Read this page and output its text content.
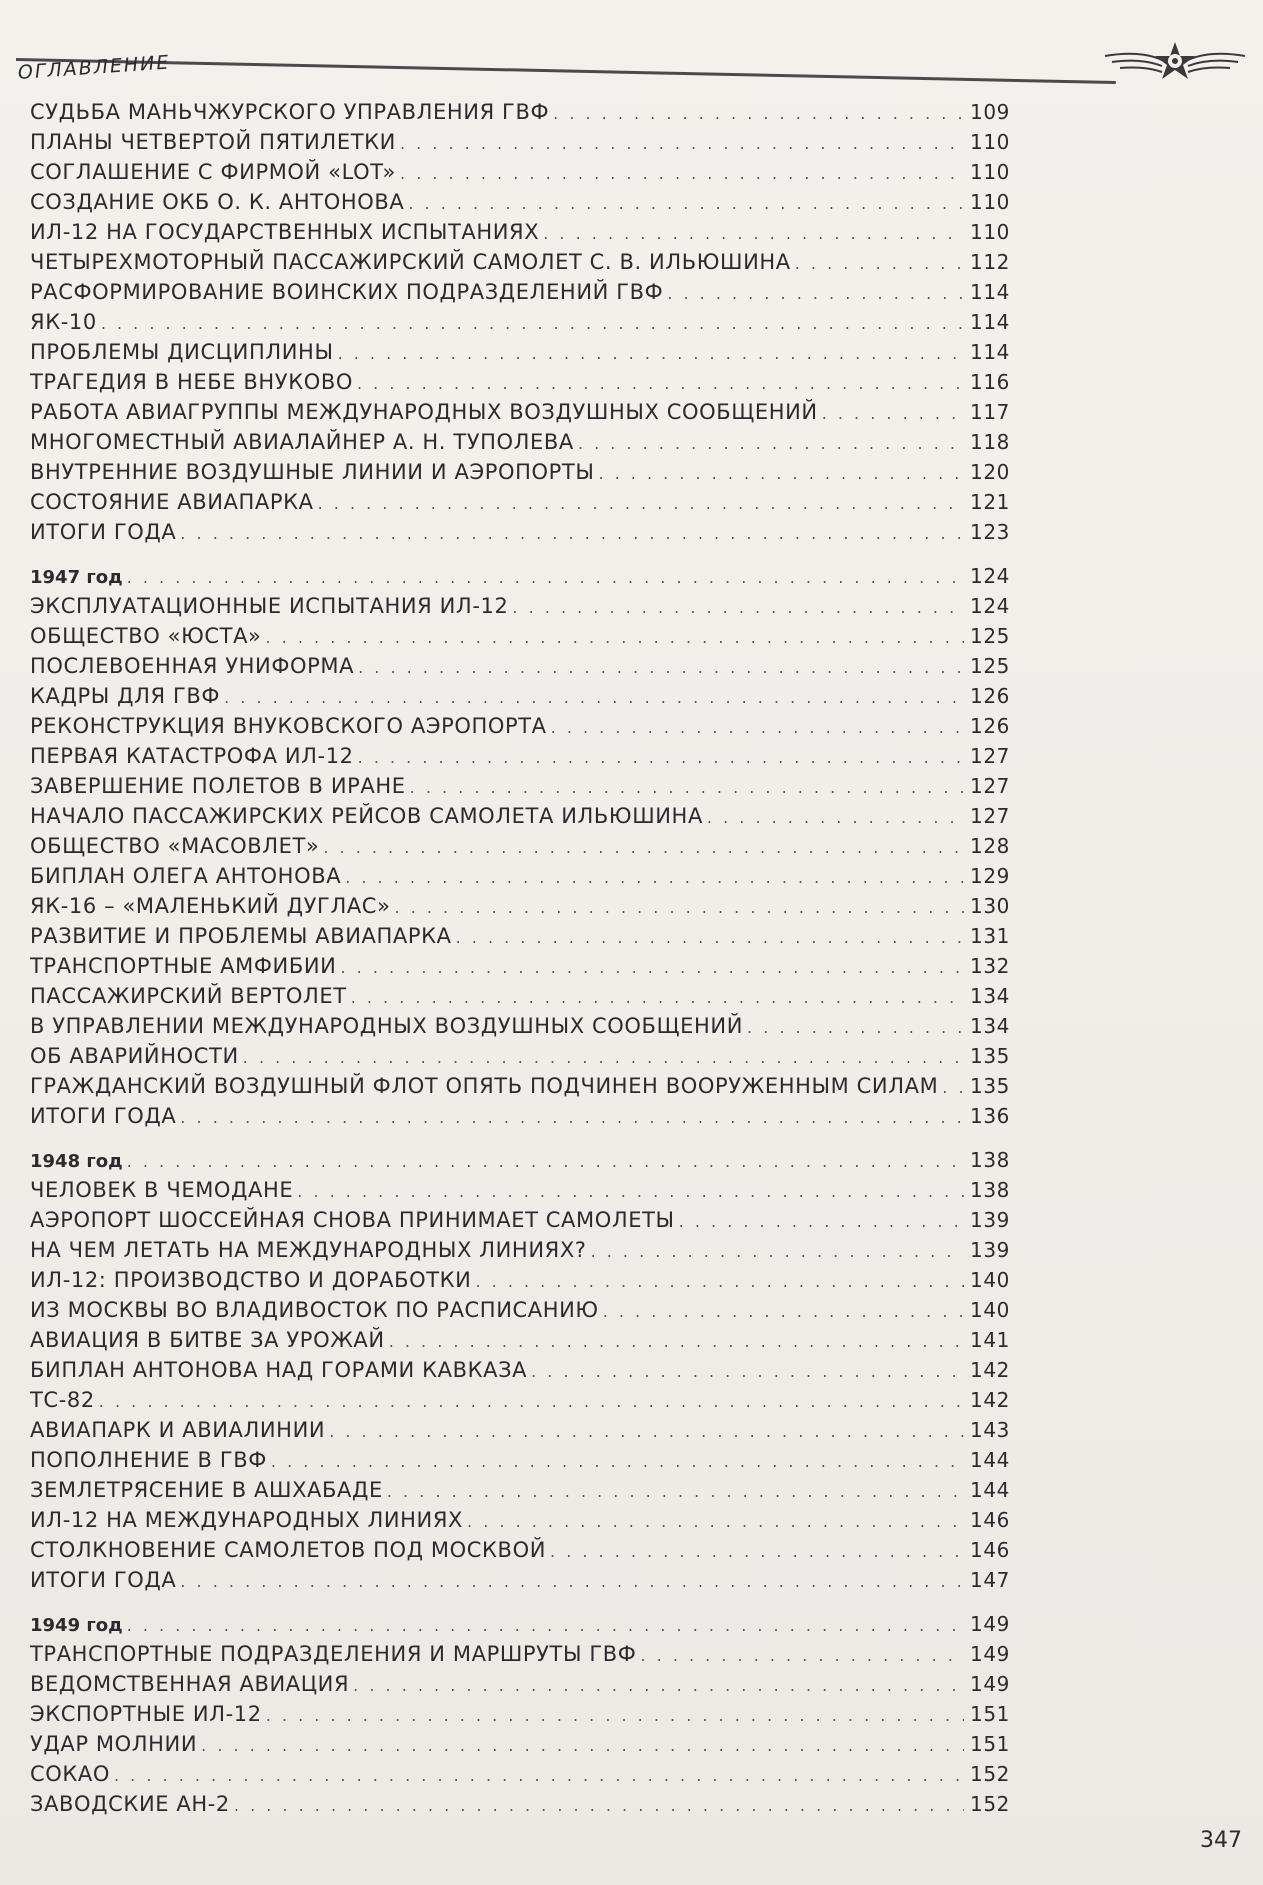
ОГЛАВЛЕНИЕ
СУДЬБА МАНЬЧЖУРСКОГО УПРАВЛЕНИЯ ГВФ . . .	109
ПЛАНЫ ЧЕТВЕРТОЙ ПЯТИЛЕТКИ . . .	110
СОГЛАШЕНИЕ С ФИРМОЙ «LOT» . . .	110
СОЗДАНИЕ ОКБ О. К. АНТОНОВА . . .	110
ИЛ-12 НА ГОСУДАРСТВЕННЫХ ИСПЫТАНИЯХ . . .	110
ЧЕТЫРЕХМОТОРНЫЙ ПАССАЖИРСКИЙ САМОЛЕТ С. В. ИЛЬЮШИНА . . .	112
РАСФОРМИРОВАНИЕ ВОИНСКИХ ПОДРАЗДЕЛЕНИЙ ГВФ . . .	114
ЯК-10 . . .	114
ПРОБЛЕМЫ ДИСЦИПЛИНЫ . . .	114
ТРАГЕДИЯ В НЕБЕ ВНУКОВО . . .	116
РАБОТА АВИАГРУППЫ МЕЖДУНАРОДНЫХ ВОЗДУШНЫХ СООБЩЕНИЙ . . .	117
МНОГОМЕСТНЫЙ АВИАЛАЙНЕР А. Н. ТУПОЛЕВА . . .	118
ВНУТРЕННИЕ ВОЗДУШНЫЕ ЛИНИИ И АЭРОПОРТЫ . . .	120
СОСТОЯНИЕ АВИАПАРКА . . .	121
ИТОГИ ГОДА . . .	123
1947 год . . .	124
ЭКСПЛУАТАЦИОННЫЕ ИСПЫТАНИЯ ИЛ-12 . . .	124
ОБЩЕСТВО «ЮСТА» . . .	125
ПОСЛЕВОЕННАЯ УНИФОРМА . . .	125
КАДРЫ ДЛЯ ГВФ . . .	126
РЕКОНСТРУКЦИЯ ВНУКОВСКОГО АЭРОПОРТА . . .	126
ПЕРВАЯ КАТАСТРОФА ИЛ-12 . . .	127
ЗАВЕРШЕНИЕ ПОЛЕТОВ В ИРАНЕ . . .	127
НАЧАЛО ПАССАЖИРСКИХ РЕЙСОВ САМОЛЕТА ИЛЬЮШИНА . . .	127
ОБЩЕСТВО «МАСОВЛЕТ» . . .	128
БИПЛАН ОЛЕГА АНТОНОВА . . .	129
ЯК-16 – «МАЛЕНЬКИЙ ДУГЛАС» . . .	130
РАЗВИТИЕ И ПРОБЛЕМЫ АВИАПАРКА . . .	131
ТРАНСПОРТНЫЕ АМФИБИИ . . .	132
ПАССАЖИРСКИЙ ВЕРТОЛЕТ . . .	134
В УПРАВЛЕНИИ МЕЖДУНАРОДНЫХ ВОЗДУШНЫХ СООБЩЕНИЙ . . .	134
ОБ АВАРИЙНОСТИ . . .	135
ГРАЖДАНСКИЙ ВОЗДУШНЫЙ ФЛОТ ОПЯТЬ ПОДЧИНЕН ВООРУЖЕННЫМ СИЛАМ . . . 135
ИТОГИ ГОДА . . .	136
1948 год . . .	138
ЧЕЛОВЕК В ЧЕМОДАНЕ . . .	138
АЭРОПОРТ ШОССЕЙНАЯ СНОВА ПРИНИМАЕТ САМОЛЕТЫ . . .	139
НА ЧЕМ ЛЕТАТЬ НА МЕЖДУНАРОДНЫХ ЛИНИЯХ? . . .	139
ИЛ-12: ПРОИЗВОДСТВО И ДОРАБОТКИ . . .	140
ИЗ МОСКВЫ ВО ВЛАДИВОСТОК ПО РАСПИСАНИЮ . . .	140
АВИАЦИЯ В БИТВЕ ЗА УРОЖАЙ . . .	141
БИПЛАН АНТОНОВА НАД ГОРАМИ КАВКАЗА . . .	142
ТС-82 . . .	142
АВИАПАРК И АВИАЛИНИИ . . .	143
ПОПОЛНЕНИЕ В ГВФ . . .	144
ЗЕМЛЕТРЯСЕНИЕ В АШХАБАДЕ . . .	144
ИЛ-12 НА МЕЖДУНАРОДНЫХ ЛИНИЯХ . . .	146
СТОЛКНОВЕНИЕ САМОЛЕТОВ ПОД МОСКВОЙ . . .	146
ИТОГИ ГОДА . . .	147
1949 год . . .	149
ТРАНСПОРТНЫЕ ПОДРАЗДЕЛЕНИЯ И МАРШРУТЫ ГВФ . . .	149
ВЕДОМСТВЕННАЯ АВИАЦИЯ . . .	149
ЭКСПОРТНЫЕ ИЛ-12 . . .	151
УДАР МОЛНИИ . . .	151
СОКАО . . .	152
ЗАВОДСКИЕ АН-2 . . .	152
347
